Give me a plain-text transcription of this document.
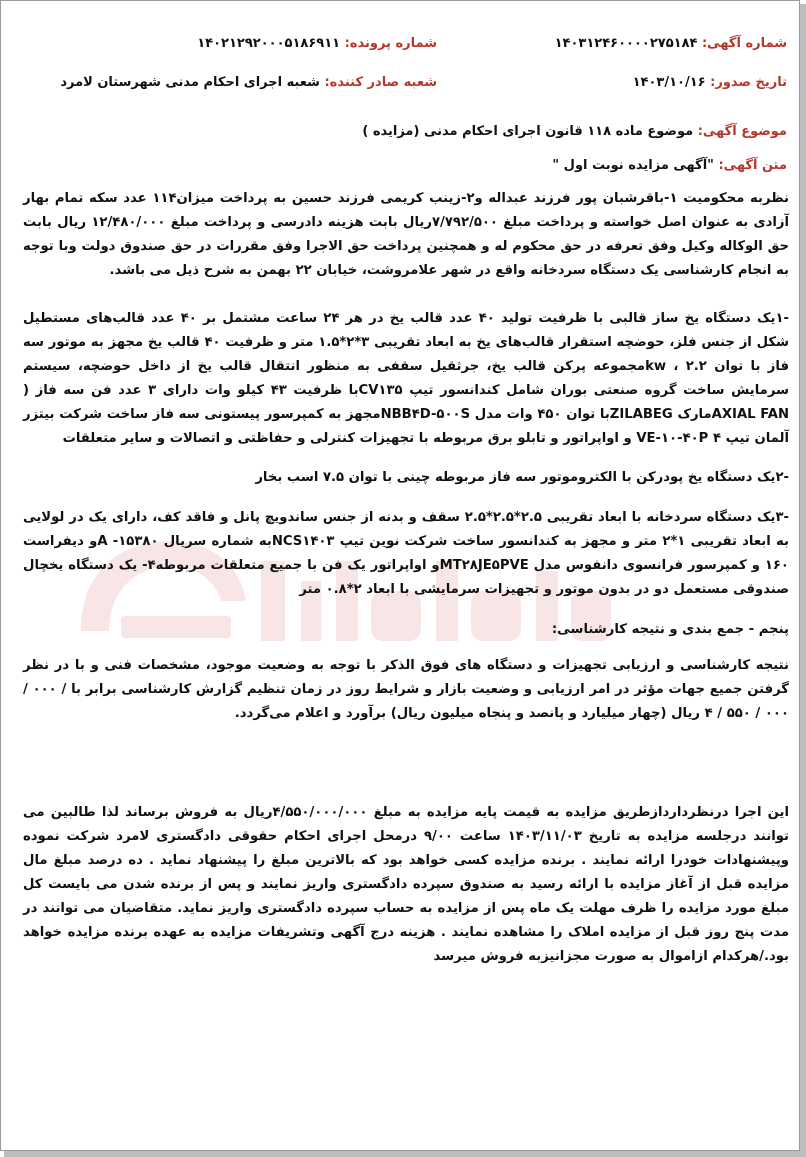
شماره آگهی: ۱۴۰۳۱۲۴۶۰۰۰۰۲۷۵۱۸۴
شماره پرونده: ۱۴۰۲۱۲۹۲۰۰۰۵۱۸۶۹۱۱
تاریخ صدور: ۱۴۰۳/۱۰/۱۶
شعبه صادر کننده: شعبه اجرای احکام مدنی شهرستان لامرد
موضوع آگهی: موضوع ماده ۱۱۸ قانون اجرای احکام مدنی (مزایده )
متن آگهی: "آگهی مزایده نوبت اول "
نظربه محکومیت ۱-باقرشبان پور فرزند عبداله و۲-زینب کریمی فرزند حسین به پرداخت میزان۱۱۴ عدد سکه تمام بهار آزادی به عنوان اصل خواسته و پرداخت مبلغ ۷/۷۹۲/۵۰۰ریال بابت هزینه دادرسی و پرداخت مبلغ ۱۲/۴۸۰/۰۰۰ ریال بابت حق الوکاله وکیل وفق تعرفه در حق محکوم له و همچنین پرداخت حق الاجرا وفق مقررات در حق صندوق دولت وبا توجه به انجام کارشناسی یک دستگاه سردخانه واقع در شهر علامروشت، خیابان ۲۲ بهمن به شرح ذیل می باشد.
-۱یک دستگاه یخ ساز قالبی با ظرفیت تولید ۴۰ عدد قالب یخ در هر ۲۴ ساعت مشتمل بر ۴۰ عدد قالب‌های مستطیل شکل از جنس فلز، حوضچه استقرار قالب‌های یخ به ابعاد تقریبی ۳*۲*۱.۵ متر و ظرفیت ۴۰ قالب یخ مجهز به موتور سه فاز با توان ۲.۲ ، kwمجموعه پرکن قالب یخ، جرثقیل سقفی به منظور انتقال قالب یخ از داخل حوضچه، سیستم سرمایش ساخت گروه صنعتی بوران شامل کندانسور تیپ CV۱۳۵با ظرفیت ۴۳ کیلو وات دارای ۳ عدد فن سه فاز ( AXIAL FANمارک ZILABEGبا توان ۴۵۰ وات مدل NBB۴D-۵۰۰Sمجهز به کمپرسور پیستونی سه فاز ساخت شرکت بیتزر آلمان تیپ ۴ VE-۱۰-۴۰P و اواپراتور و تابلو برق مربوطه با تجهیزات کنترلی و حفاظتی و اتصالات و سایر متعلقات
-۲یک دستگاه یخ پودرکن با الکتروموتور سه فاز مربوطه چینی با توان ۷.۵ اسب بخار
-۳یک دستگاه سردخانه با ابعاد تقریبی ۲.۵*۲.۵*۲.۵ سقف و بدنه از جنس ساندویچ پانل و فاقد کف، دارای یک در لولایی به ابعاد تقریبی ۱*۲ متر و مجهز به کندانسور ساخت شرکت نوین تیپ NCS۱۴۰۳به شماره سریال ۱۵۳۸۰- Aو دیفراست ۱۶۰ و کمپرسور فرانسوی دانفوس مدل MT۲۸JE۵PVEو اواپراتور یک فن با جمیع متعلقات مربوطه۴- یک دستگاه یخچال صندوقی مستعمل دو در بدون موتور و تجهیزات سرمایشی با ابعاد ۲*۰.۸ متر
پنجم - جمع بندی و نتیجه کارشناسی:
نتیجه کارشناسی و ارزیابی تجهیزات و دستگاه های فوق الذکر با توجه به وضعیت موجود، مشخصات فنی و با در نظر گرفتن جمیع جهات مؤثر در امر ارزیابی و وضعیت بازار و شرایط روز در زمان تنظیم گزارش کارشناسی برابر با / ۰۰۰ / ۰۰۰ / ۵۵۰ / ۴ ریال (چهار میلیارد و پانصد و پنجاه میلیون ریال) برآورد و اعلام می‌گردد.
این اجرا درنظرداردازطریق مزایده به قیمت پایه مزایده به مبلغ ۴/۵۵۰/۰۰۰/۰۰۰ریال به فروش برساند لذا طالبین می توانند درجلسه مزایده به تاریخ ۱۴۰۳/۱۱/۰۳ ساعت ۹/۰۰ درمحل اجرای احکام حقوقی دادگستری لامرد شرکت نموده وپیشنهادات خودرا ارائه نمایند . برنده مزایده کسی خواهد بود که بالاترین مبلغ را پیشنهاد نماید . ده درصد مبلغ مال مزایده قبل از آغاز مزایده با ارائه رسید به صندوق سپرده دادگستری واریز نمایند و پس از برنده شدن می بایست کل مبلغ مورد مزایده را ظرف مهلت یک ماه پس از مزایده به حساب سپرده دادگستری واریز نماید. متقاضیان می توانند در مدت پنج روز قبل از مزایده املاک را مشاهده نمایند . هزینه درج آگهی وتشریفات مزایده به عهده برنده مزایده خواهد بود./هرکدام ازاموال به صورت مجزانیزبه فروش میرسد
